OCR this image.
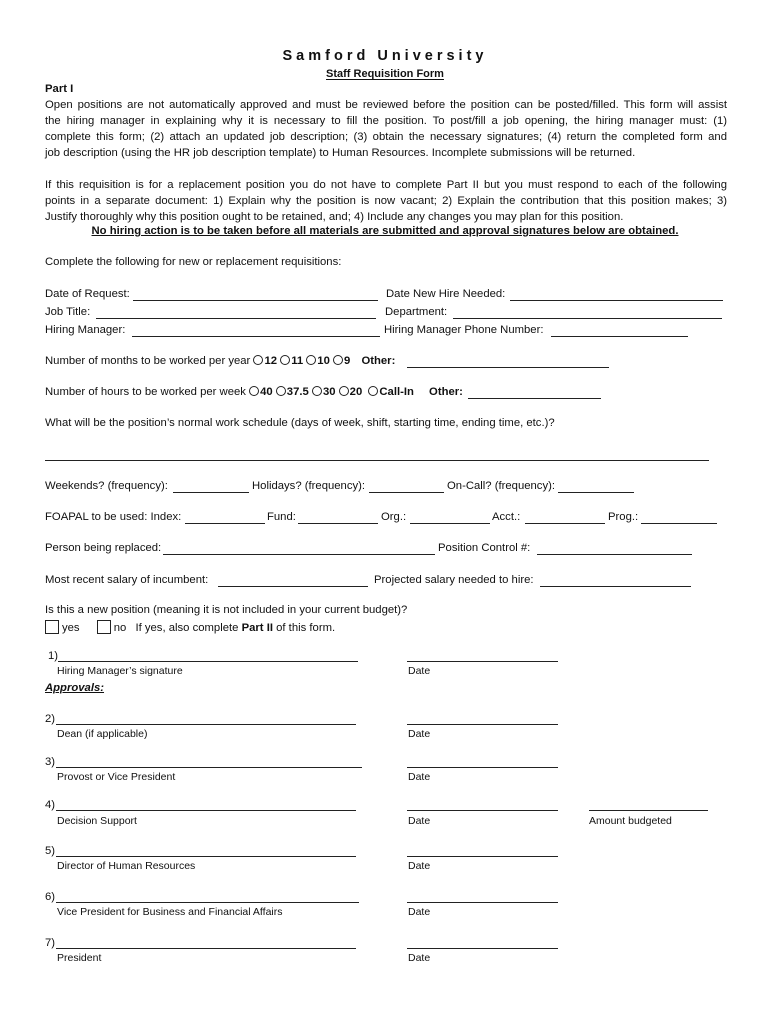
Samford University
Staff Requisition Form
Part I
Open positions are not automatically approved and must be reviewed before the position can be posted/filled. This form will assist
the hiring manager in explaining why it is necessary to fill the position. To post/fill a job opening, the hiring manager must: (1)
complete this form; (2) attach an updated job description; (3) obtain the necessary signatures; (4) return the completed form and
job description (using the HR job description template) to Human Resources. Incomplete submissions will be returned.
If this requisition is for a replacement position you do not have to complete Part II but you must respond to each of the following
points in a separate document: 1) Explain why the position is now vacant; 2) Explain the contribution that this position makes; 3)
Justify thoroughly why this position ought to be retained, and; 4) Include any changes you may plan for this position.
No hiring action is to be taken before all materials are submitted and approval signatures below are obtained.
Complete the following for new or replacement requisitions:
Date of Request:	Date New Hire Needed:
Job Title:	Department:
Hiring Manager:	Hiring Manager Phone Number:
Number of months to be worked per year 12 11 10 9 Other:
Number of hours to be worked per week 40 37.5 30 20 Call-In Other:
What will be the position’s normal work schedule (days of week, shift, starting time, ending time, etc.)?
Weekends? (frequency):	Holidays? (frequency):	On-Call? (frequency):
FOAPAL to be used: Index:	Fund:	Org.:	Acct.:	Prog.:
Person being replaced:	Position Control #:
Most recent salary of incumbent:	Projected salary needed to hire:
Is this a new position (meaning it is not included in your current budget)?
yes	no If yes, also complete Part II of this form.
1)
Hiring Manager’s signature	Date
Approvals:
2)
Dean (if applicable)	Date
3)
Provost or Vice President	Date
4)
Decision Support	Date	Amount budgeted
5)
Director of Human Resources	Date
6)
Vice President for Business and Financial Affairs	Date
7)
President	Date
